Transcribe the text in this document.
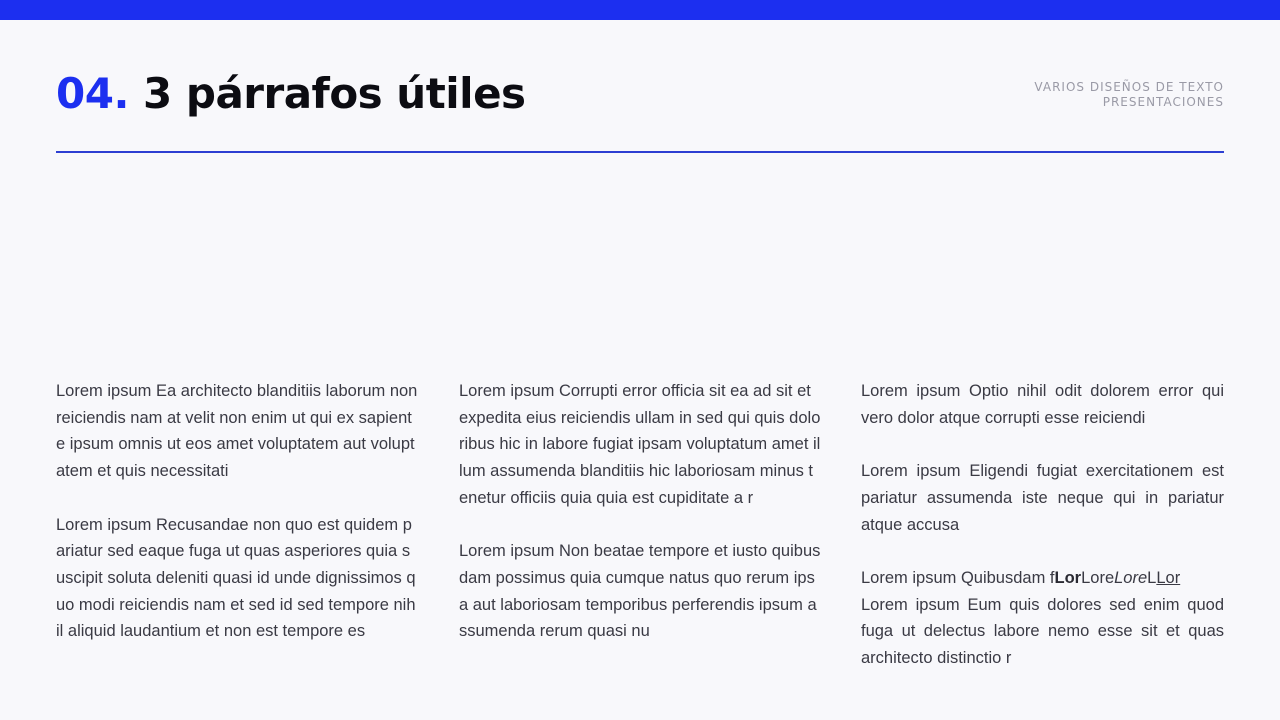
04. 3 párrafos útiles	VARIOS DISEÑOS DE TEXTO
PRESENTACIONES

Lorem ipsum Ea architecto blanditiis laborum non reiciendis nam at velit non enim ut qui ex sapiente ipsum omnis ut eos amet voluptatem aut voluptatem et quis necessitati

Lorem ipsum Recusandae non quo est quidem pariatur sed eaque fuga ut quas asperiores quia suscipit soluta deleniti quasi id unde dignissimos quo modi reiciendis nam et sed id sed tempore nihil aliquid laudantium et non est tempore es

Lorem ipsum Corrupti error officia sit ea ad sit et expedita eius reiciendis ullam in sed qui quis doloribus hic in labore fugiat ipsam voluptatum amet illum assumenda blanditiis hic laboriosam minus tenetur officiis quia quia est cupiditate a r

Lorem ipsum Non beatae tempore et iusto quibusdam possimus quia cumque natus quo rerum ipsa aut laboriosam temporibus perferendis ipsum assumenda rerum quasi nu

Lorem ipsum Optio nihil odit dolorem error qui vero dolor atque corrupti esse reiciendi

Lorem ipsum Eligendi fugiat exercitationem est pariatur assumenda iste neque qui in pariatur atque accusa

Lorem ipsum Quibusdam fLorLoreLoreLLor
Lorem ipsum Eum quis dolores sed enim quod fuga ut delectus labore nemo esse sit et quas architecto distinctio r
